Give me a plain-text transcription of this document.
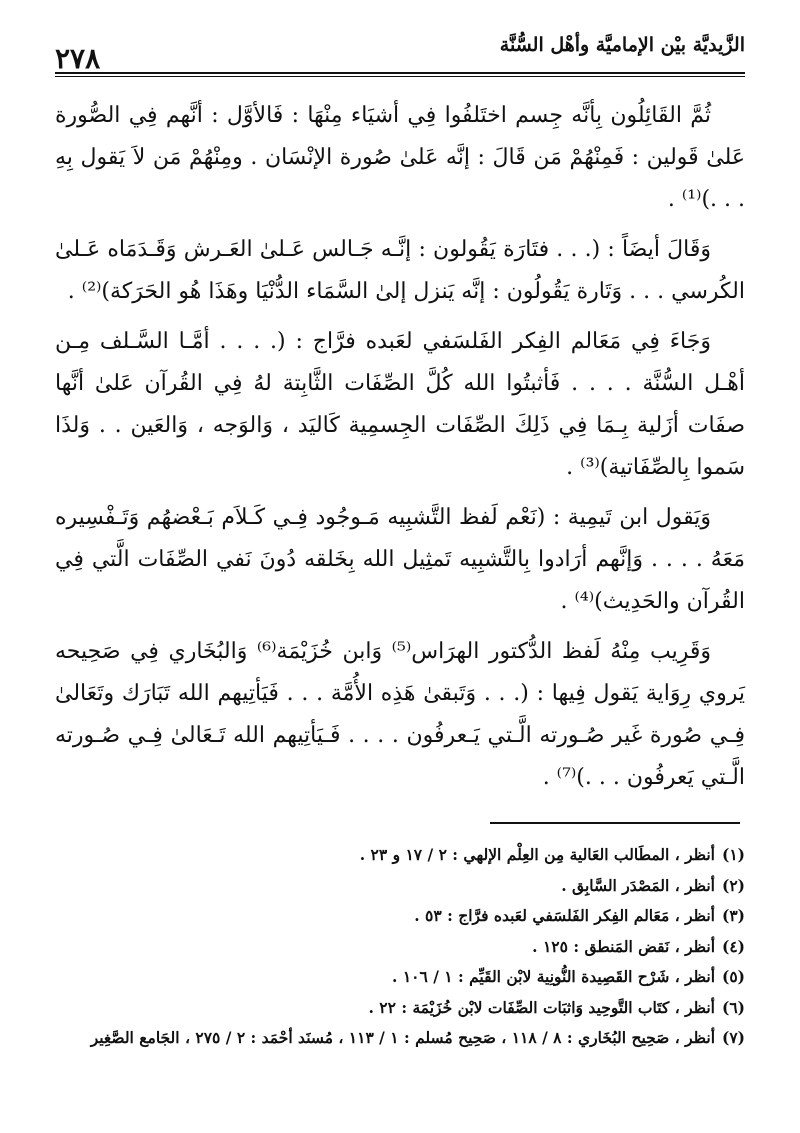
الزَّيديَّة بيْن الإماميَّة وأهْل السُّنَّة
٢٧٨

ثُمَّ القَائِلُون بِأنَّه جِسم اختَلفُوا فِي أشيَاء مِنْهَا : فَالأوَّل : أنَّهم فِي الصُّورة عَلىٰ قَولين : فَمِنْهُمْ مَن قَالَ : إنَّه عَلىٰ صُورة الإنْسَان . ومِنْهُمْ مَن لاَ يَقول بِهِ . . .)⁽¹⁾ .

وَقَالَ أيضَاً : (. . . فتَارَة يَقُولون : إنَّـه جَـالس عَـلىٰ العَـرش وَقَـدَمَاه عَـلىٰ الكُرسي . . . وَتَارة يَقُولُون : إنَّه يَنزل إلىٰ السَّمَاء الدُّنْيَا وهَذَا هُو الحَرَكة)⁽²⁾ .

وَجَاءَ فِي مَعَالم الفِكر الفَلسَفي لعَبده فرَّاج : (. . . . أمَّـا السَّـلف مِـن أهْـل السُّنَّة . . . . فَأثبتُوا الله كُلَّ الصِّفَات الثَّابِتة لهُ فِي القُرآن عَلىٰ أنَّها صفَات أزَلية بِـمَا فِي ذَلِكَ الصِّفَات الجِسمِية كَاليَد ، وَالوَجه ، وَالعَين . . وَلذَا سَموا بِالصِّفَاتية)⁽³⁾ .

وَيَقول ابن تَيمِية : (نَعْم لَفظ التَّشبِيه مَـوجُود فِـي كَـلاَم بَـعْضهُم وَتَـفْسِيره مَعَهُ . . . . وَإنَّهم أرَادوا بِالتَّشبِيه تَمثِيل الله بِخَلقه دُونَ نَفي الصِّفَات الَّتي فِي القُرآن والحَدِيث)⁽⁴⁾ .

وَقَرِيب مِنْهُ لَفظ الدُّكتور الهرَاس⁽⁵⁾ وَابن خُزَيْمَة⁽⁶⁾ وَالبُخَاري فِي صَحِيحه يَروي رِوَاية يَقول فِيها : (. . . وَتَبقىٰ هَذِه الأُمَّة . . . فَيَأتِيهم الله تَبَارَك وتَعَالىٰ فِـي صُورة غَير صُـورته الَّـتي يَـعرفُون . . . . فَـيَأتِيهم الله تَـعَالىٰ فِـي صُـورته الَّـتي يَعرفُون . . .)⁽⁷⁾ .

(١)أنظر ، المطَالب العَالية مِن العِلْم الإلهي : ٢ / ١٧ و ٢٣ .
(٢)أنظر ، المَصْدَر السَّابِق .
(٣)أنظر ، مَعَالم الفِكر الفَلسَفي لعَبده فرَّاج : ٥٣ .
(٤)أنظر ، نَقض المَنطق : ١٢٥ .
(٥)أنظر ، شَرْح القَصِيدة النُّونِية لابْن القَيِّم : ١ / ١٠٦ .
(٦)أنظر ، كتَاب التَّوحِيد وَاثبَات الصِّفَات لابْن خُزَيْمَة : ٢٢ .
(٧)أنظر ، صَحِيح البُخَاري : ٨ / ١١٨ ، صَحِيح مُسلم : ١ / ١١٣ ، مُسنَد أحْمَد : ٢ / ٢٧٥ ، الجَامع الصَّغِير
